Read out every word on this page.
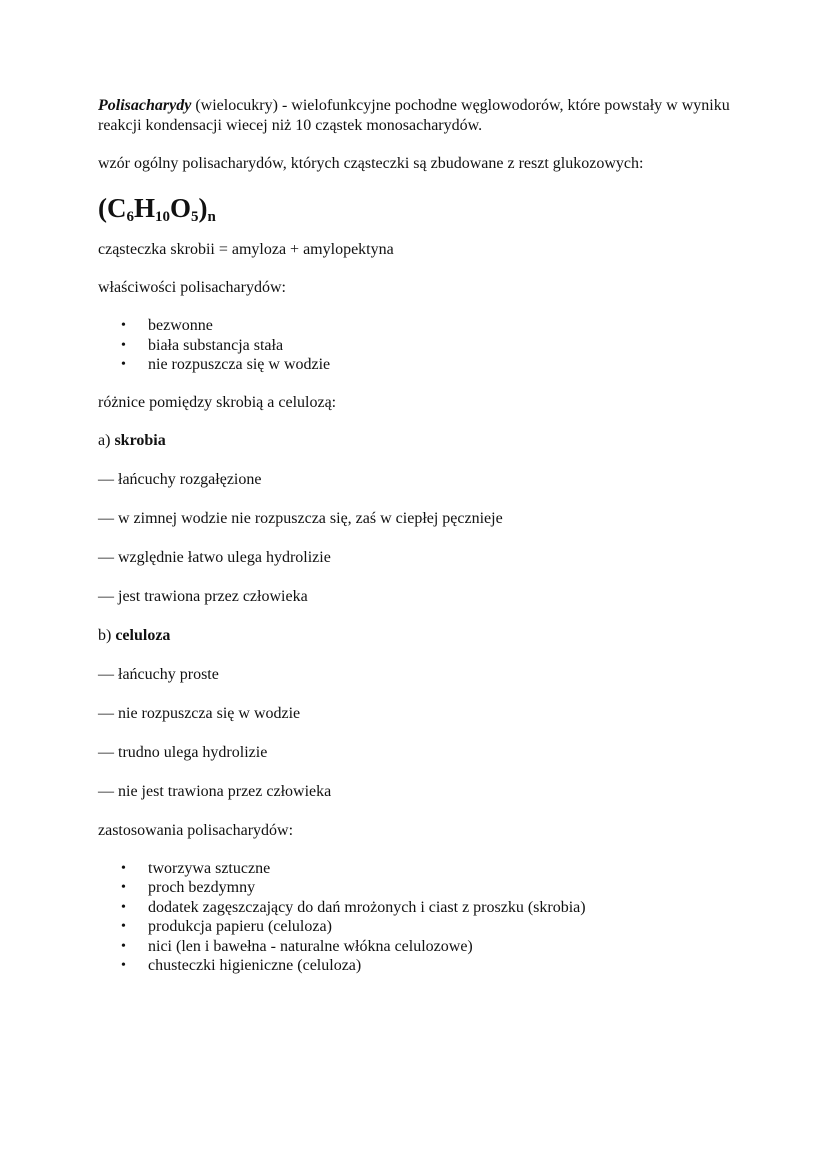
Polisacharydy (wielocukry) - wielofunkcyjne pochodne węglowodorów, które powstały w wyniku reakcji kondensacji wiecej niż 10 cząstek monosacharydów.

wzór ogólny polisacharydów, których cząsteczki są zbudowane z reszt glukozowych:

$(C_6H_{10}O_5)_n$

cząsteczka skrobii = amyloza + amylopektyna

właściwości polisacharydów:

• bezwonne
• biała substancja stała
• nie rozpuszcza się w wodzie

różnice pomiędzy skrobią a celulozą:

a) skrobia

— łańcuchy rozgałęzione

— w zimnej wodzie nie rozpuszcza się, zaś w ciepłej pęcznieje

— względnie łatwo ulega hydrolizie

— jest trawiona przez człowieka

b) celuloza

— łańcuchy proste

— nie rozpuszcza się w wodzie

— trudno ulega hydrolizie

— nie jest trawiona przez człowieka

zastosowania polisacharydów:

• tworzywa sztuczne
• proch bezdymny
• dodatek zagęszczający do dań mrożonych i ciast z proszku (skrobia)
• produkcja papieru (celuloza)
• nici (len i bawełna - naturalne włókna celulozowe)
• chusteczki higieniczne (celuloza)
